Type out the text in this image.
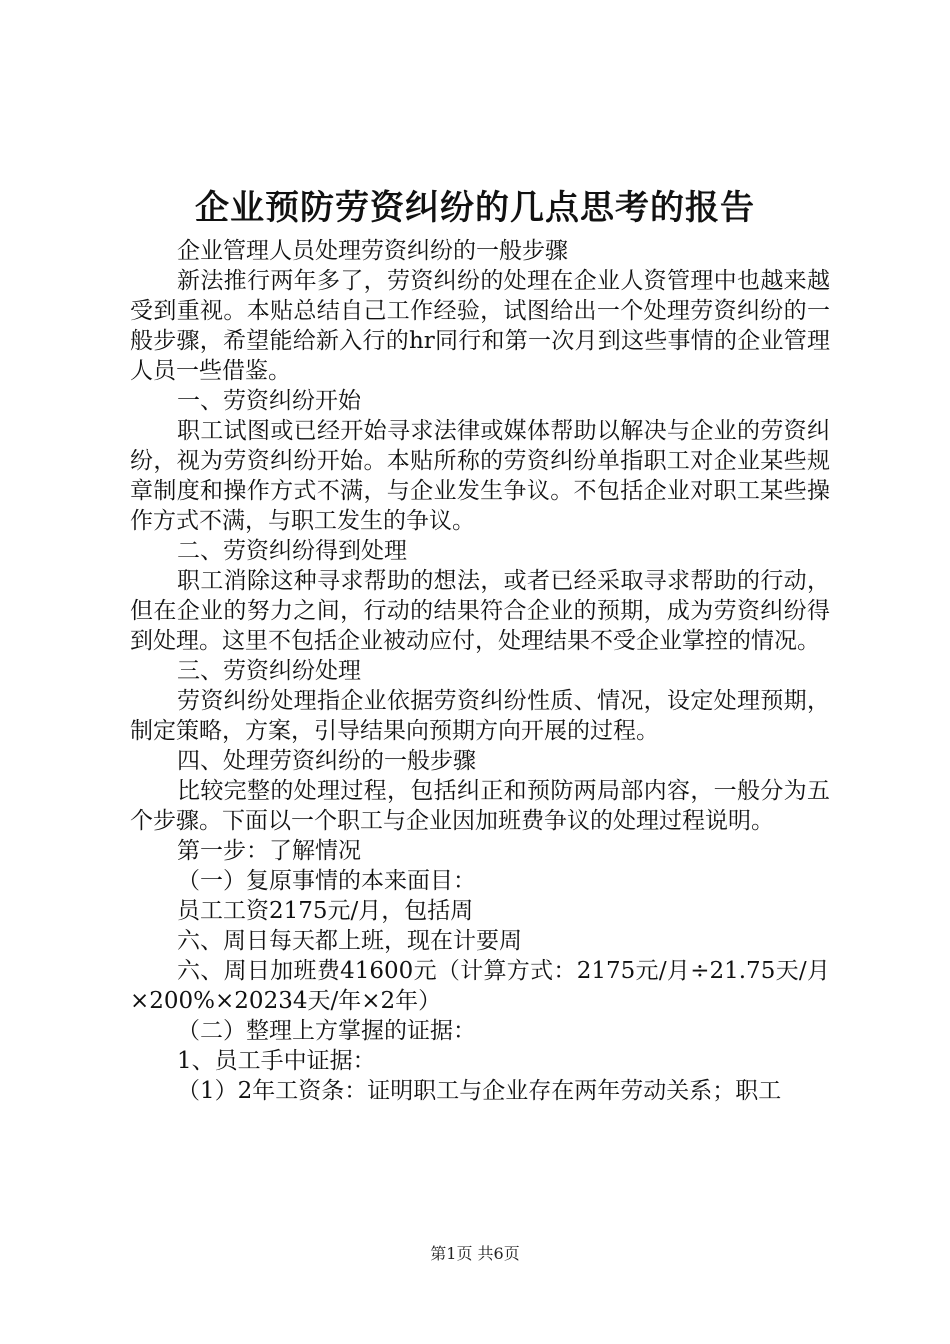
企业预防劳资纠纷的几点思考的报告

企业管理人员处理劳资纠纷的一般步骤

新法推行两年多了，劳资纠纷的处理在企业人资管理中也越来越受到重视。本贴总结自己工作经验，试图给出一个处理劳资纠纷的一般步骤，希望能给新入行的hr同行和第一次月到这些事情的企业管理人员一些借鉴。

一、劳资纠纷开始

职工试图或已经开始寻求法律或媒体帮助以解决与企业的劳资纠纷，视为劳资纠纷开始。本贴所称的劳资纠纷单指职工对企业某些规章制度和操作方式不满，与企业发生争议。不包括企业对职工某些操作方式不满，与职工发生的争议。

二、劳资纠纷得到处理

职工消除这种寻求帮助的想法，或者已经采取寻求帮助的行动，但在企业的努力之间，行动的结果符合企业的预期，成为劳资纠纷得到处理。这里不包括企业被动应付，处理结果不受企业掌控的情况。

三、劳资纠纷处理

劳资纠纷处理指企业依据劳资纠纷性质、情况，设定处理预期，制定策略，方案，引导结果向预期方向开展的过程。

四、处理劳资纠纷的一般步骤

比较完整的处理过程，包括纠正和预防两局部内容，一般分为五个步骤。下面以一个职工与企业因加班费争议的处理过程说明。

第一步：了解情况

（一）复原事情的本来面目：

员工工资2175元/月，包括周

六、周日每天都上班，现在计要周

六、周日加班费41600元（计算方式：2175元/月÷21.75天/月×200%×20234天/年×2年）

（二）整理上方掌握的证据：

1、员工手中证据：

（1）2年工资条：证明职工与企业存在两年劳动关系；职工

第1页 共6页
